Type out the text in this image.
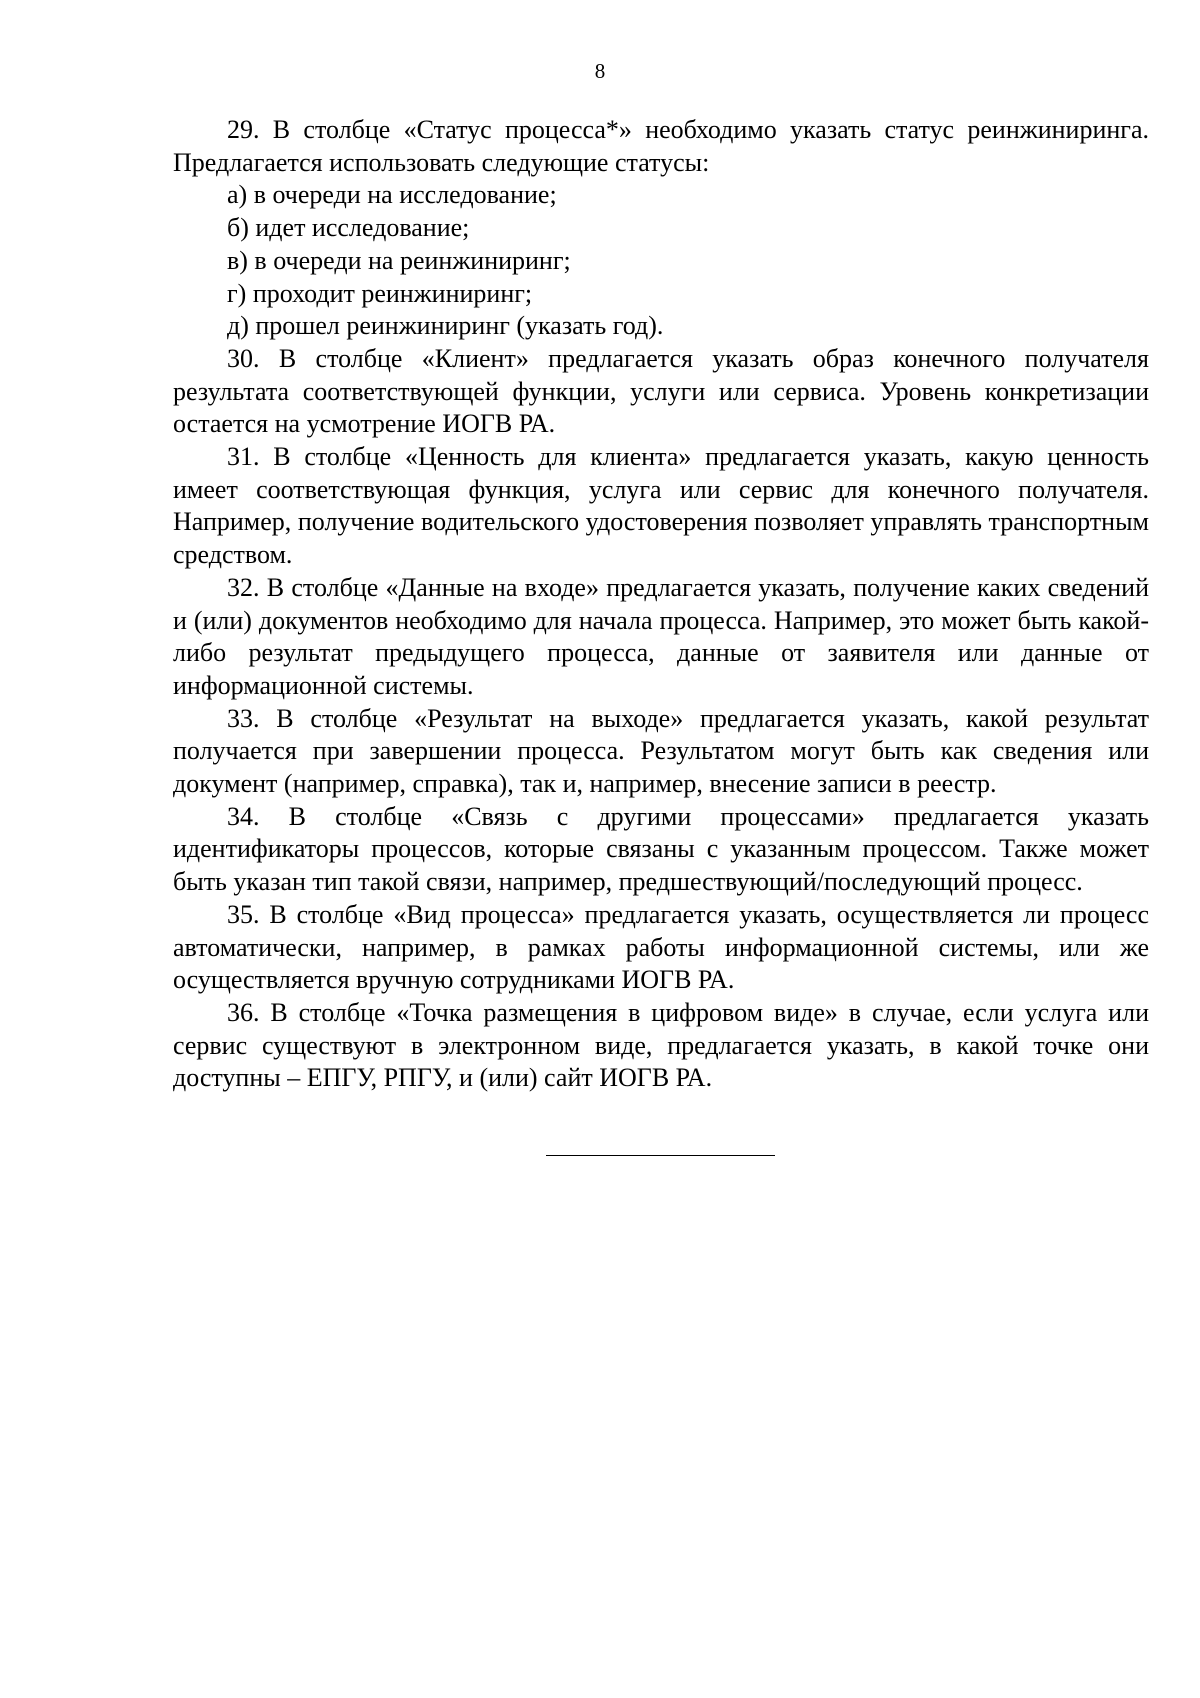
8

29. В столбце «Статус процесса*» необходимо указать статус реинжиниринга. Предлагается использовать следующие статусы:

а) в очереди на исследование;

б) идет исследование;

в) в очереди на реинжиниринг;

г) проходит реинжиниринг;

д) прошел реинжиниринг (указать год).

30. В столбце «Клиент» предлагается указать образ конечного получателя результата соответствующей функции, услуги или сервиса. Уровень конкретизации остается на усмотрение ИОГВ РА.

31. В столбце «Ценность для клиента» предлагается указать, какую ценность имеет соответствующая функция, услуга или сервис для конечного получателя. Например, получение водительского удостоверения позволяет управлять транспортным средством.

32. В столбце «Данные на входе» предлагается указать, получение каких сведений и (или) документов необходимо для начала процесса. Например, это может быть какой-либо результат предыдущего процесса, данные от заявителя или данные от информационной системы.

33. В столбце «Результат на выходе» предлагается указать, какой результат получается при завершении процесса. Результатом могут быть как сведения или документ (например, справка), так и, например, внесение записи в реестр.

34. В столбце «Связь с другими процессами» предлагается указать идентификаторы процессов, которые связаны с указанным процессом. Также может быть указан тип такой связи, например, предшествующий/последующий процесс.

35. В столбце «Вид процесса» предлагается указать, осуществляется ли процесс автоматически, например, в рамках работы информационной системы, или же осуществляется вручную сотрудниками ИОГВ РА.

36. В столбце «Точка размещения в цифровом виде» в случае, если услуга или сервис существуют в электронном виде, предлагается указать, в какой точке они доступны – ЕПГУ, РПГУ, и (или) сайт ИОГВ РА.
